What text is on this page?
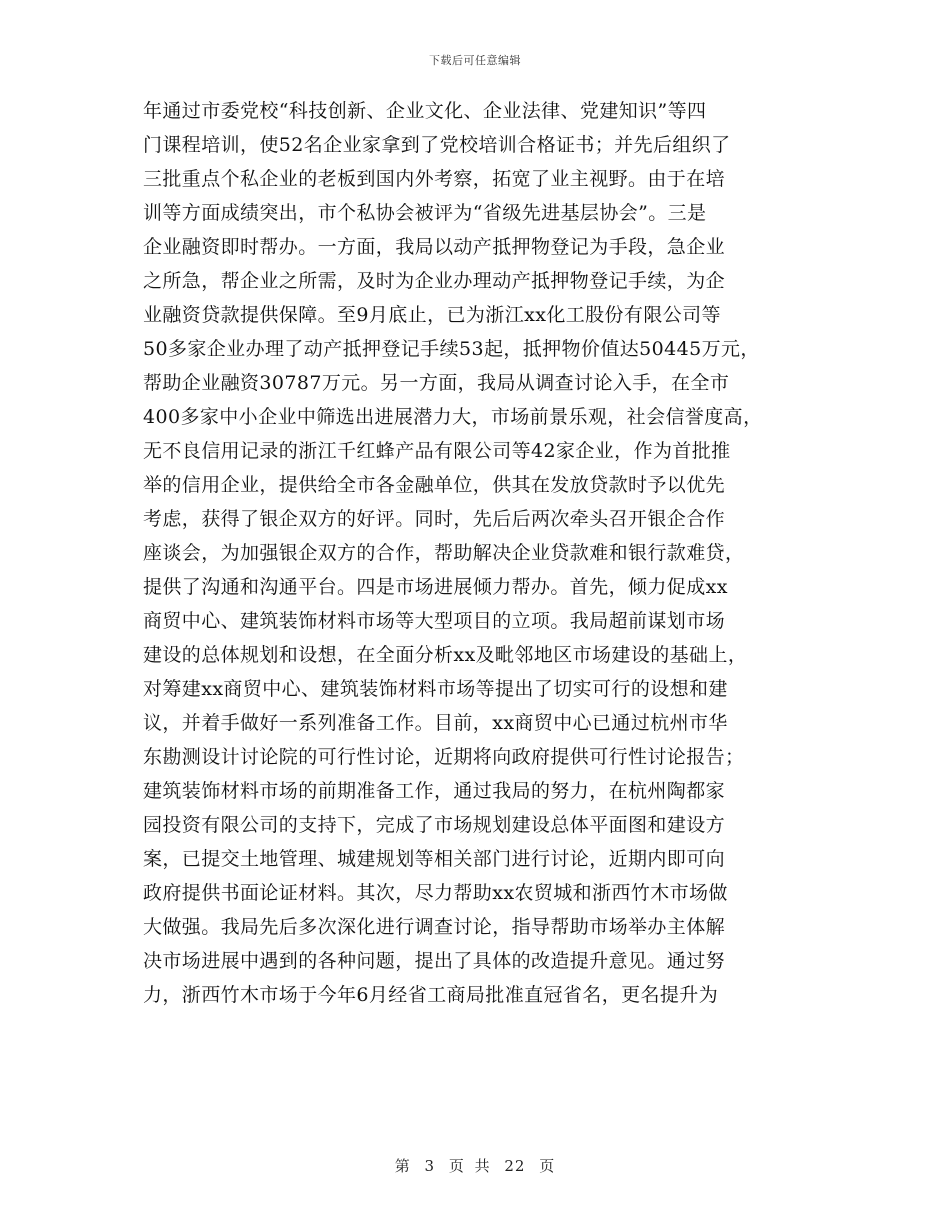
下载后可任意编辑
年通过市委党校“科技创新、企业文化、企业法律、党建知识”等四
门课程培训，使52名企业家拿到了党校培训合格证书；并先后组织了
三批重点个私企业的老板到国内外考察，拓宽了业主视野。由于在培
训等方面成绩突出，市个私协会被评为“省级先进基层协会”。三是
企业融资即时帮办。一方面，我局以动产抵押物登记为手段，急企业
之所急，帮企业之所需，及时为企业办理动产抵押物登记手续，为企
业融资贷款提供保障。至9月底止，已为浙江xx化工股份有限公司等
50多家企业办理了动产抵押登记手续53起，抵押物价值达50445万元，
帮助企业融资30787万元。另一方面，我局从调查讨论入手，在全市
400多家中小企业中筛选出进展潜力大，市场前景乐观，社会信誉度高，
无不良信用记录的浙江千红蜂产品有限公司等42家企业，作为首批推
举的信用企业，提供给全市各金融单位，供其在发放贷款时予以优先
考虑，获得了银企双方的好评。同时，先后后两次牵头召开银企合作
座谈会，为加强银企双方的合作，帮助解决企业贷款难和银行款难贷，
提供了沟通和沟通平台。四是市场进展倾力帮办。首先，倾力促成xx
商贸中心、建筑装饰材料市场等大型项目的立项。我局超前谋划市场
建设的总体规划和设想，在全面分析xx及毗邻地区市场建设的基础上，
对筹建xx商贸中心、建筑装饰材料市场等提出了切实可行的设想和建
议，并着手做好一系列准备工作。目前，xx商贸中心已通过杭州市华
东勘测设计讨论院的可行性讨论，近期将向政府提供可行性讨论报告；
建筑装饰材料市场的前期准备工作，通过我局的努力，在杭州陶都家
园投资有限公司的支持下，完成了市场规划建设总体平面图和建设方
案，已提交土地管理、城建规划等相关部门进行讨论，近期内即可向
政府提供书面论证材料。其次，尽力帮助xx农贸城和浙西竹木市场做
大做强。我局先后多次深化进行调查讨论，指导帮助市场举办主体解
决市场进展中遇到的各种问题，提出了具体的改造提升意见。通过努
力，浙西竹木市场于今年6月经省工商局批准直冠省名，更名提升为
第 3 页 共 22 页
